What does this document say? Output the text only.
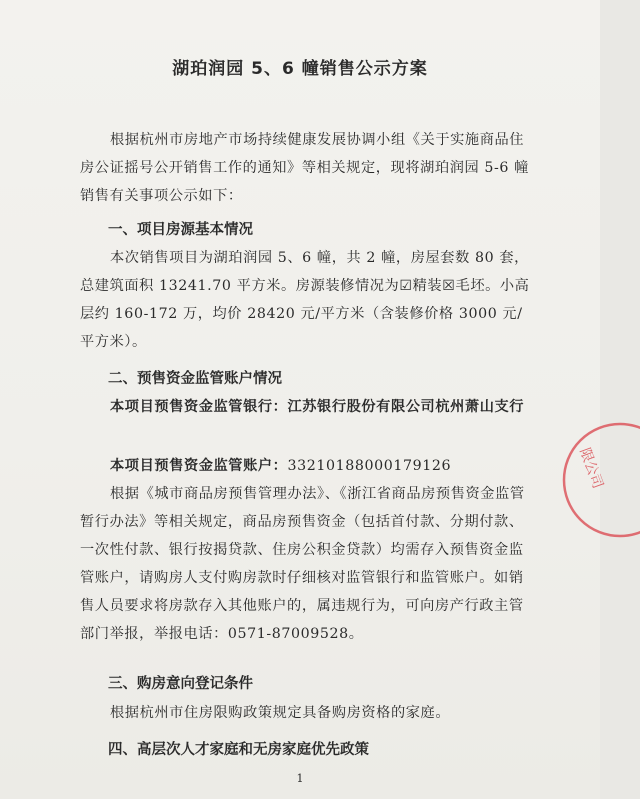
湖珀润园 5、6 幢销售公示方案
根据杭州市房地产市场持续健康发展协调小组《关于实施商品住房公证摇号公开销售工作的通知》等相关规定，现将湖珀润园 5-6 幢销售有关事项公示如下：
一、项目房源基本情况
本次销售项目为湖珀润园 5、6 幢，共 2 幢，房屋套数 80 套，总建筑面积 13241.70 平方米。房源装修情况为☑精装☒毛坯。小高层约 160-172 万，均价 28420 元/平方米（含装修价格 3000 元/平方米）。
二、预售资金监管账户情况
本项目预售资金监管银行：江苏银行股份有限公司杭州萧山支行
本项目预售资金监管账户：33210188000179126
根据《城市商品房预售管理办法》、《浙江省商品房预售资金监管暂行办法》等相关规定，商品房预售资金（包括首付款、分期付款、一次性付款、银行按揭贷款、住房公积金贷款）均需存入预售资金监管账户，请购房人支付购房款时仔细核对监管银行和监管账户。如销售人员要求将房款存入其他账户的，属违规行为，可向房产行政主管部门举报，举报电话：0571-87009528。
三、购房意向登记条件
根据杭州市住房限购政策规定具备购房资格的家庭。
四、高层次人才家庭和无房家庭优先政策
1
限公司
